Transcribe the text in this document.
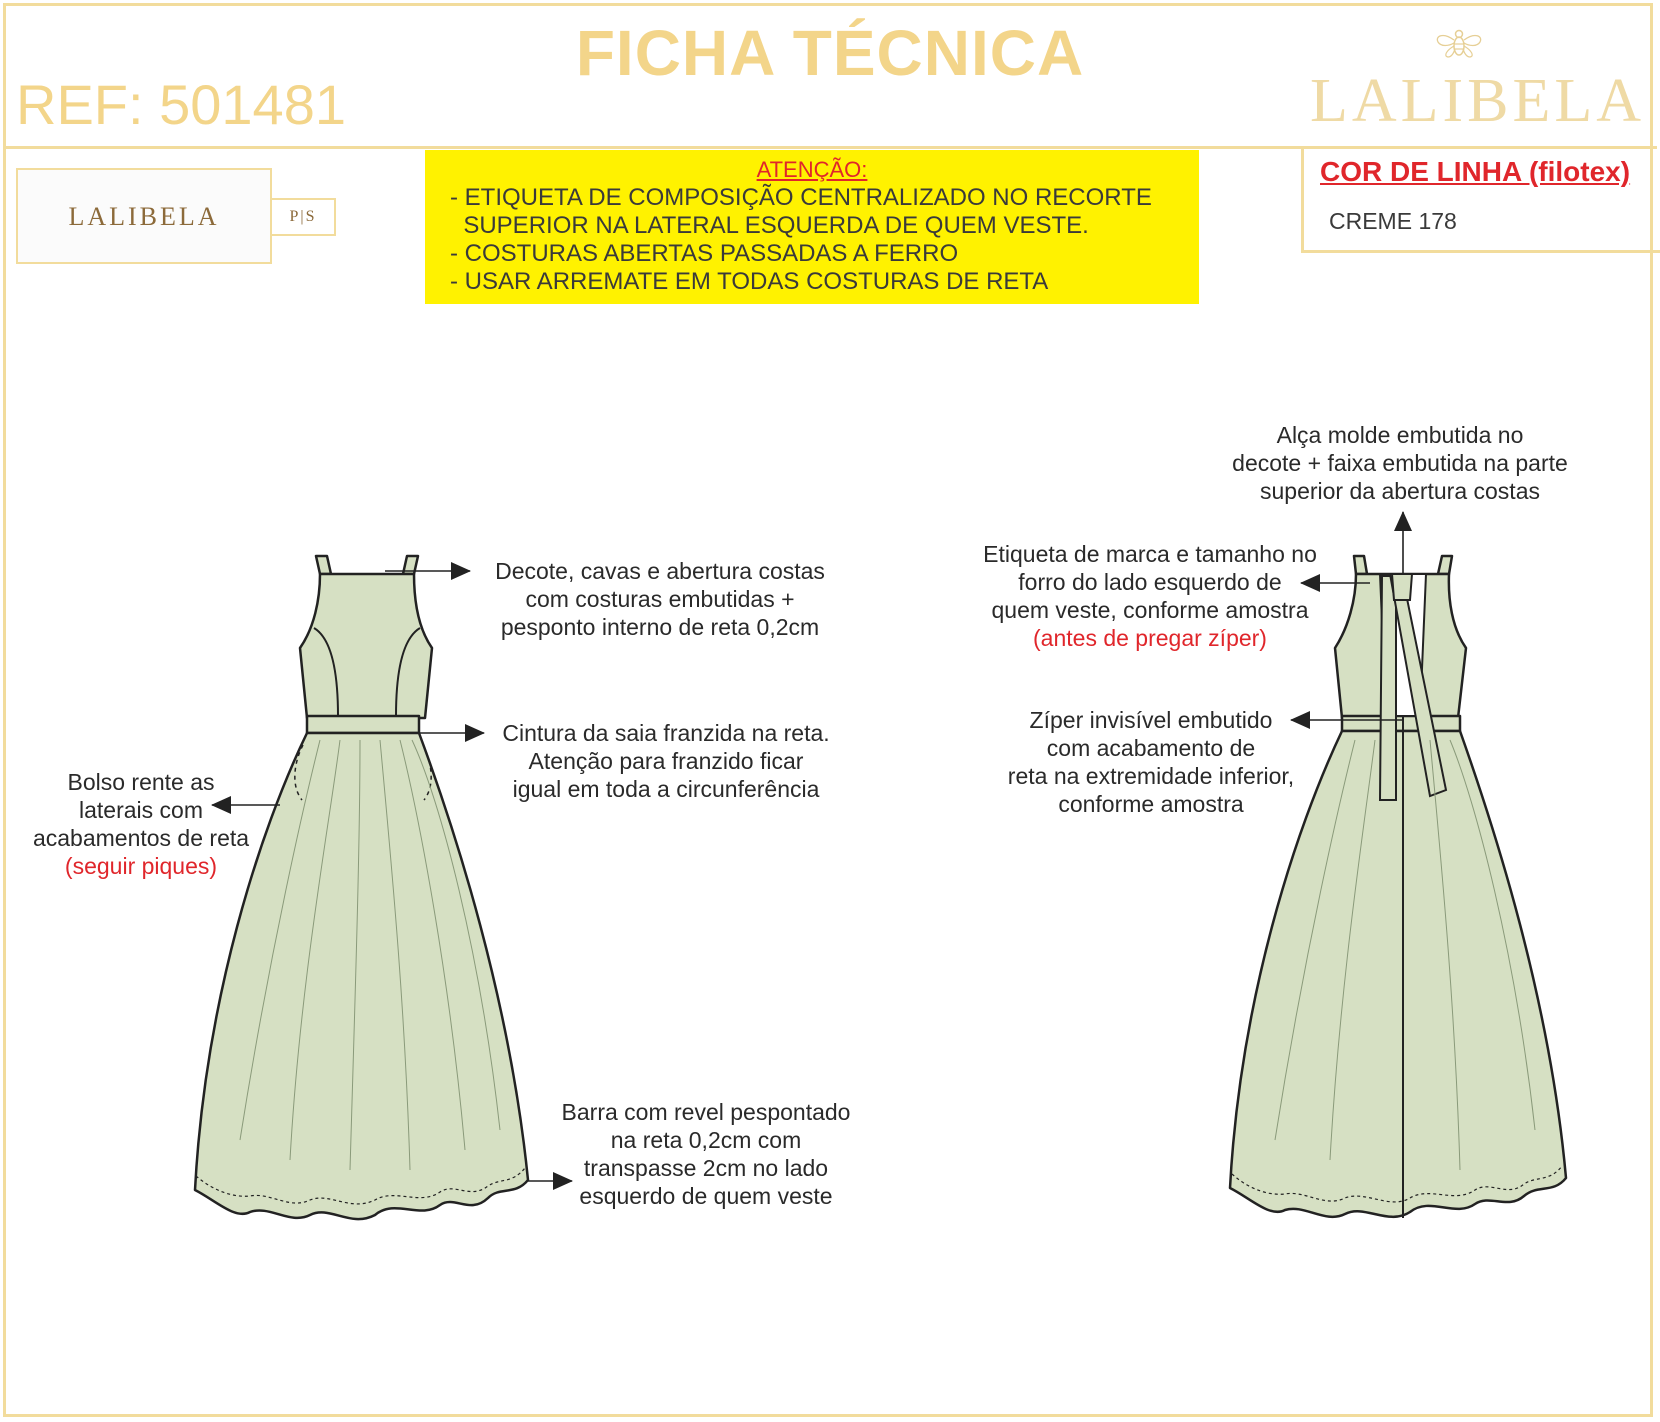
FICHA TÉCNICA
REF: 501481	LALIBELA
LALIBELA	P|S
ATENÇÃO:
- ETIQUETA DE COMPOSIÇÃO CENTRALIZADO NO RECORTE
SUPERIOR NA LATERAL ESQUERDA DE QUEM VESTE.
- COSTURAS ABERTAS PASSADAS A FERRO
- USAR ARREMATE EM TODAS COSTURAS DE RETA
COR DE LINHA (filotex)
CREME 178
Decote, cavas e abertura costas
com costuras embutidas +
pesponto interno de reta 0,2cm
Cintura da saia franzida na reta.
Atenção para franzido ficar
igual em toda a circunferência
Bolso rente as
laterais com
acabamentos de reta
(seguir piques)
Barra com revel pespontado
na reta 0,2cm com
transpasse 2cm no lado
esquerdo de quem veste
Alça molde embutida no
decote + faixa embutida na parte
superior da abertura costas
Etiqueta de marca e tamanho no
forro do lado esquerdo de
quem veste, conforme amostra
(antes de pregar zíper)
Zíper invisível embutido
com acabamento de
reta na extremidade inferior,
conforme amostra
